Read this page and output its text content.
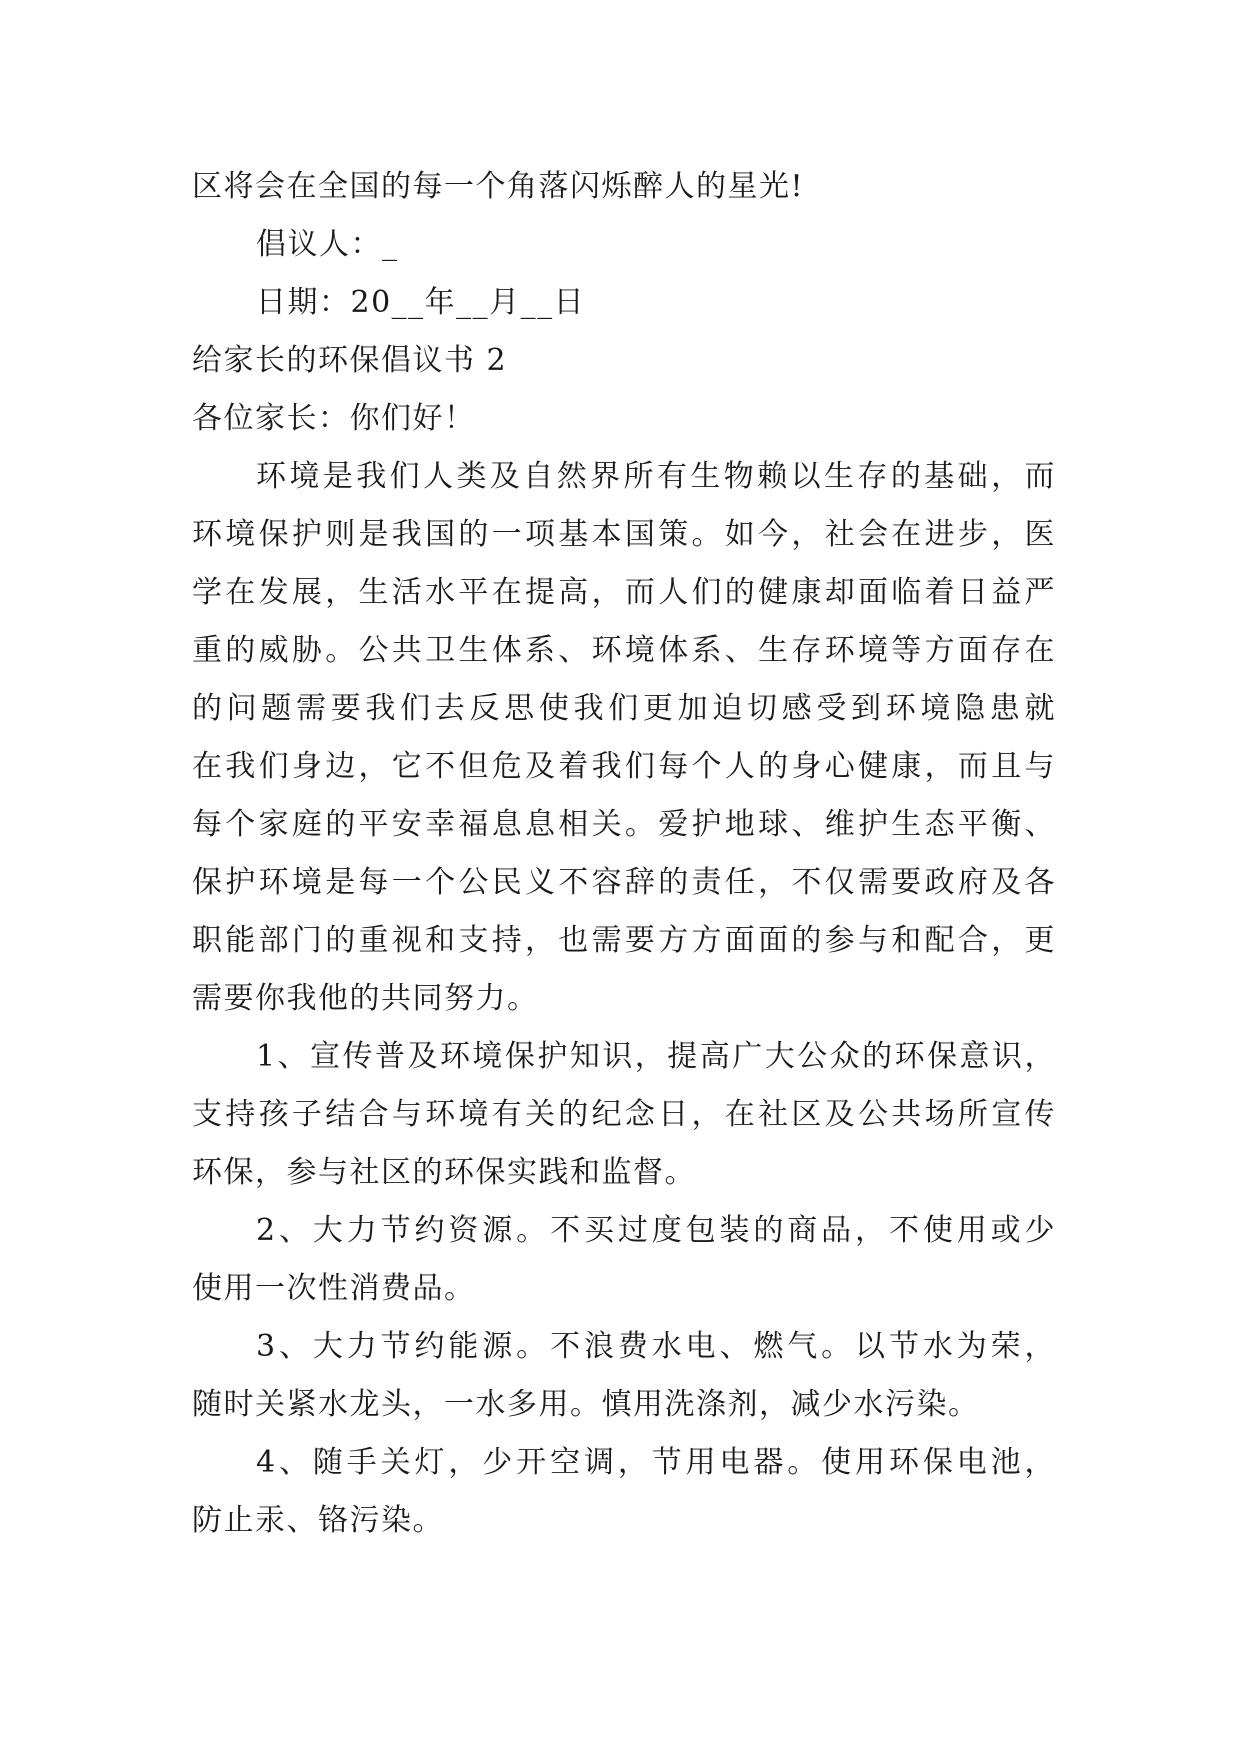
区将会在全国的每一个角落闪烁醉人的星光!
倡议人：_
日期：20__年__月__日
给家长的环保倡议书 2
各位家长：你们好！
环境是我们人类及自然界所有生物赖以生存的基础，而
环境保护则是我国的一项基本国策。如今，社会在进步，医
学在发展，生活水平在提高，而人们的健康却面临着日益严
重的威胁。公共卫生体系、环境体系、生存环境等方面存在
的问题需要我们去反思使我们更加迫切感受到环境隐患就
在我们身边，它不但危及着我们每个人的身心健康，而且与
每个家庭的平安幸福息息相关。爱护地球、维护生态平衡、
保护环境是每一个公民义不容辞的责任，不仅需要政府及各
职能部门的重视和支持，也需要方方面面的参与和配合，更
需要你我他的共同努力。
1、宣传普及环境保护知识，提高广大公众的环保意识，
支持孩子结合与环境有关的纪念日，在社区及公共场所宣传
环保，参与社区的环保实践和监督。
2、大力节约资源。不买过度包装的商品，不使用或少
使用一次性消费品。
3、大力节约能源。不浪费水电、燃气。以节水为荣，
随时关紧水龙头，一水多用。慎用洗涤剂，减少水污染。
4、随手关灯，少开空调，节用电器。使用环保电池，
防止汞、铬污染。
